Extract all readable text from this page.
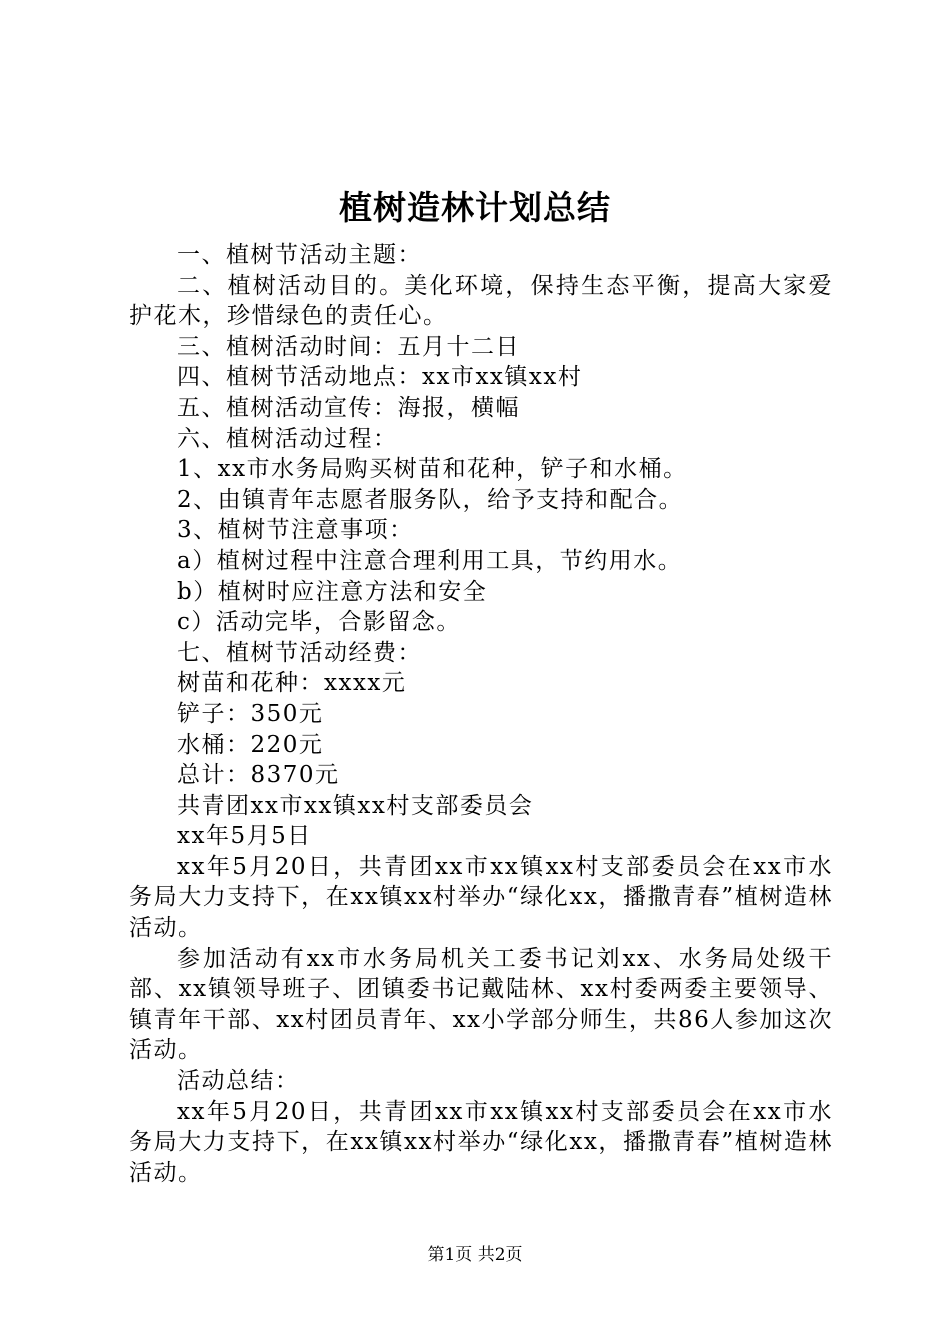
植树造林计划总结

一、植树节活动主题：

二、植树活动目的。美化环境，保持生态平衡，提高大家爱护花木，珍惜绿色的责任心。

三、植树活动时间：五月十二日

四、植树节活动地点：xx市xx镇xx村

五、植树活动宣传：海报，横幅

六、植树活动过程：

1、xx市水务局购买树苗和花种，铲子和水桶。

2、由镇青年志愿者服务队，给予支持和配合。

3、植树节注意事项：

a）植树过程中注意合理利用工具，节约用水。

b）植树时应注意方法和安全

c）活动完毕，合影留念。

七、植树节活动经费：

树苗和花种：xxxx元

铲子：350元

水桶：220元

总计：8370元

共青团xx市xx镇xx村支部委员会

xx年5月5日

xx年5月20日，共青团xx市xx镇xx村支部委员会在xx市水务局大力支持下，在xx镇xx村举办“绿化xx，播撒青春”植树造林活动。

参加活动有xx市水务局机关工委书记刘xx、水务局处级干部、xx镇领导班子、团镇委书记戴陆林、xx村委两委主要领导、镇青年干部、xx村团员青年、xx小学部分师生，共86人参加这次活动。

活动总结：

xx年5月20日，共青团xx市xx镇xx村支部委员会在xx市水务局大力支持下，在xx镇xx村举办“绿化xx，播撒青春”植树造林活动。

第1页 共2页
